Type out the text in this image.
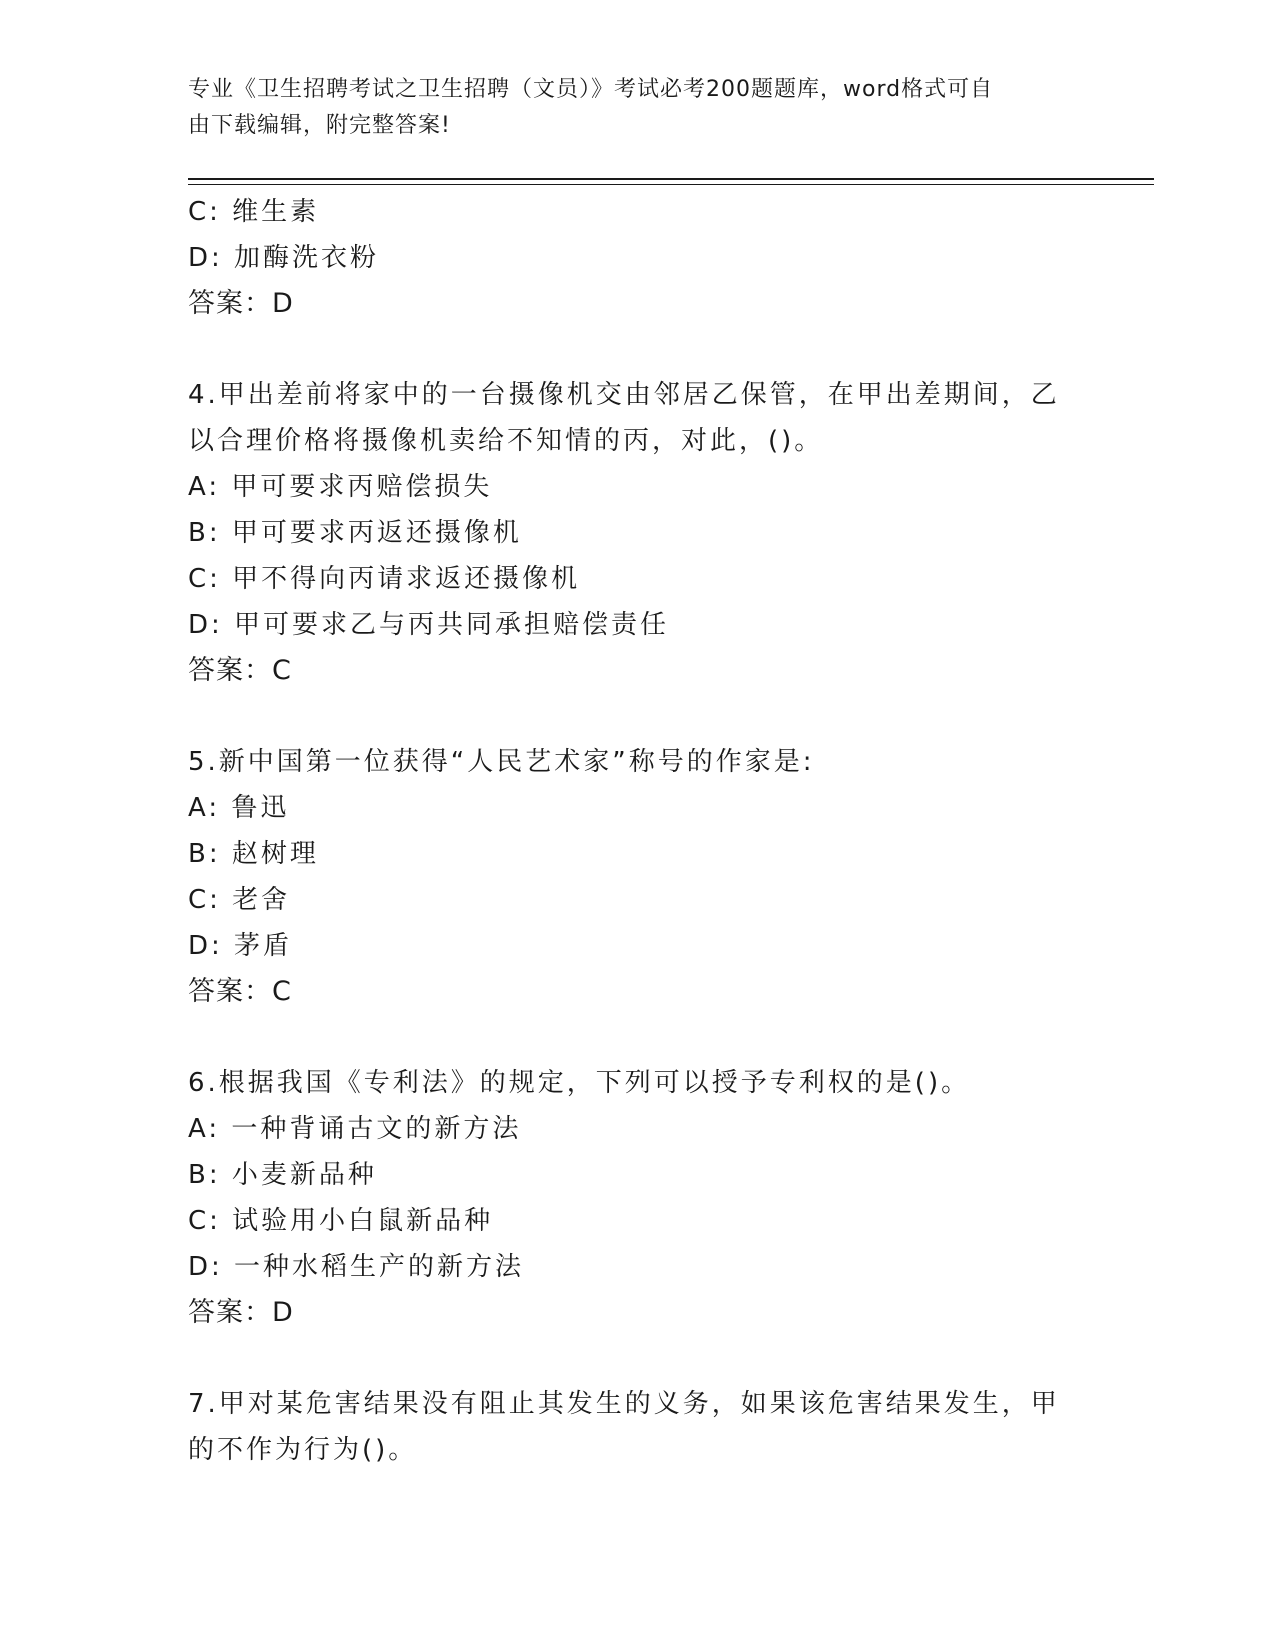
专业《卫生招聘考试之卫生招聘（文员）》考试必考200题题库，word格式可自
由下载编辑，附完整答案!
C: 维生素
D: 加酶洗衣粉
答案：D
4.甲出差前将家中的一台摄像机交由邻居乙保管，在甲出差期间，乙
以合理价格将摄像机卖给不知情的丙，对此，()。
A: 甲可要求丙赔偿损失
B: 甲可要求丙返还摄像机
C: 甲不得向丙请求返还摄像机
D: 甲可要求乙与丙共同承担赔偿责任
答案：C
5.新中国第一位获得“人民艺术家”称号的作家是:
A: 鲁迅
B: 赵树理
C: 老舍
D: 茅盾
答案：C
6.根据我国《专利法》的规定，下列可以授予专利权的是()。
A: 一种背诵古文的新方法
B: 小麦新品种
C: 试验用小白鼠新品种
D: 一种水稻生产的新方法
答案：D
7.甲对某危害结果没有阻止其发生的义务，如果该危害结果发生，甲
的不作为行为()。
